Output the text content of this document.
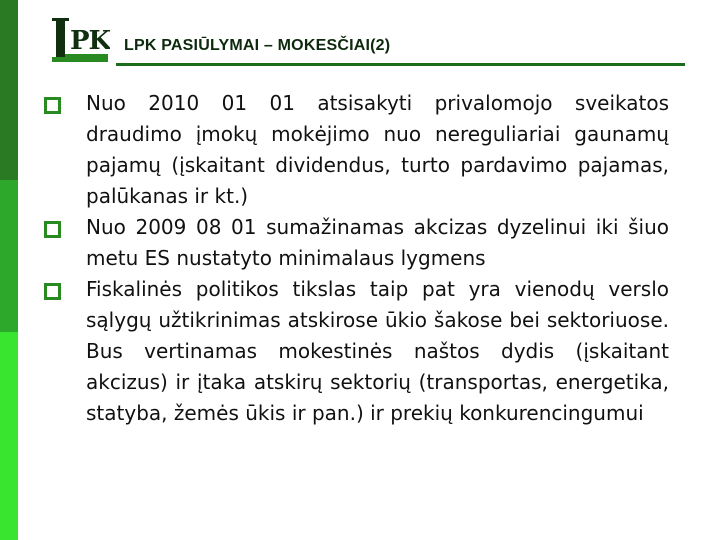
PK LPK PASIŪLYMAI – MOKESČIAI(2)
Nuo 2010 01 01 atsisakyti privalomojo sveikatos draudimo įmokų mokėjimo nuo nereguliariai gaunamų pajamų (įskaitant dividendus, turto pardavimo pajamas, palūkanas ir kt.)
Nuo 2009 08 01 sumažinamas akcizas dyzelinui iki šiuo metu ES nustatyto minimalaus lygmens
Fiskalinės politikos tikslas taip pat yra vienodų verslo sąlygų užtikrinimas atskirose ūkio šakose bei sektoriuose. Bus vertinamas mokestinės naštos dydis (įskaitant akcizus) ir įtaka atskirų sektorių (transportas, energetika, statyba, žemės ūkis ir pan.) ir prekių konkurencingumui
